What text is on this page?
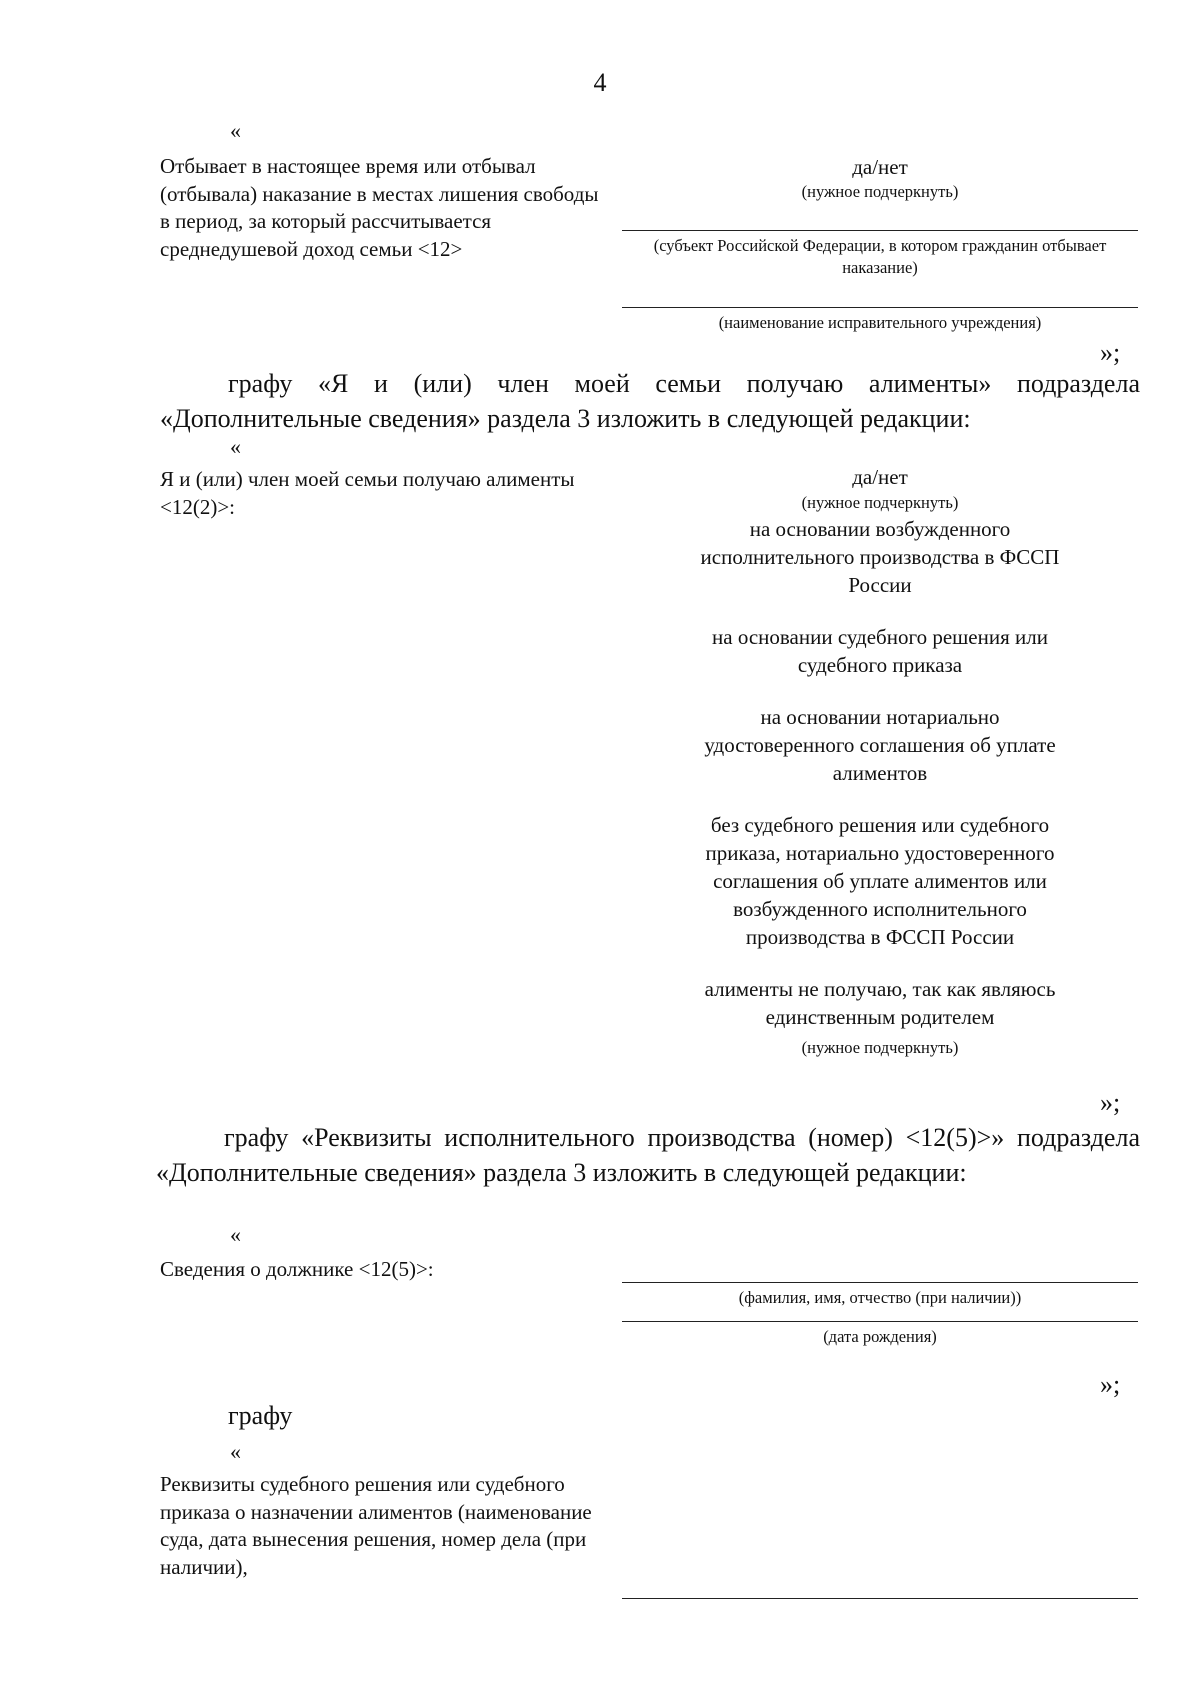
4
«
Отбывает в настоящее время или отбывал (отбывала) наказание в местах лишения свободы в период, за который рассчитывается среднедушевой доход семьи <12>
да/нет
(нужное подчеркнуть)
(субъект Российской Федерации, в котором гражданин отбывает наказание)
(наименование исправительного учреждения)
»;

графу «Я и (или) член моей семьи получаю алименты» подраздела «Дополнительные сведения» раздела 3 изложить в следующей редакции:

«
Я и (или) член моей семьи получаю алименты <12(2)>:
да/нет
(нужное подчеркнуть)
на основании возбужденного исполнительного производства в ФССП России
на основании судебного решения или судебного приказа
на основании нотариально удостоверенного соглашения об уплате алиментов
без судебного решения или судебного приказа, нотариально удостоверенного соглашения об уплате алиментов или возбужденного исполнительного производства в ФССП России
алименты не получаю, так как являюсь единственным родителем
(нужное подчеркнуть)
»;

графу «Реквизиты исполнительного производства (номер) <12(5)>» подраздела «Дополнительные сведения» раздела 3 изложить в следующей редакции:

«
Сведения о должнике <12(5)>:
(фамилия, имя, отчество (при наличии))
(дата рождения)
»;
графу
«
Реквизиты судебного решения или судебного приказа о назначении алиментов (наименование суда, дата вынесения решения, номер дела (при наличии),
